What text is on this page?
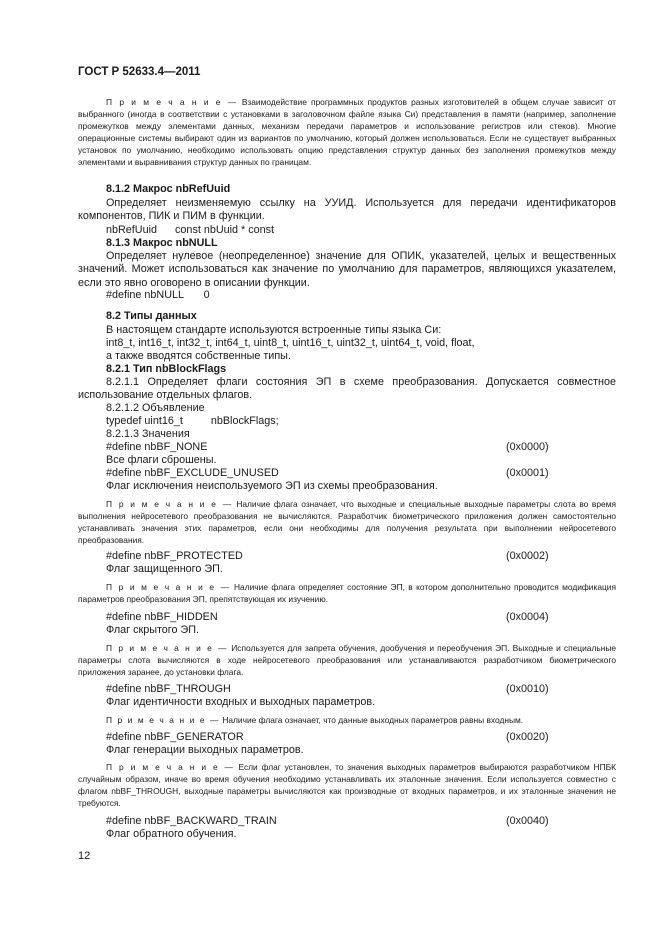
ГОСТ Р 52633.4—2011
П р и м е ч а н и е — Взаимодействие программных продуктов разных изготовителей в общем случае зависит от выбранного (иногда в соответствии с установками в заголовочном файле языка Си) представления в памяти (например, заполнение промежутков между элементами данных, механизм передачи параметров и использование регистров или стеков). Многие операционные системы выбирают один из вариантов по умолчанию, который должен использоваться. Если не существует выбранных установок по умолчанию, необходимо использовать опцию представления структур данных без заполнения промежутков между элементами и выравнивания структур данных по границам.
8.1.2 Макрос nbRefUuid
Определяет неизменяемую ссылку на УУИД. Используется для передачи идентификаторов компонентов, ПИК и ПИМ в функции.
nbRefUuid const nbUuid * const
8.1.3 Макрос nbNULL
Определяет нулевое (неопределенное) значение для ОПИК, указателей, целых и вещественных значений. Может использоваться как значение по умолчанию для параметров, являющихся указателем, если это явно оговорено в описании функции.
#define nbNULL 0
8.2 Типы данных
В настоящем стандарте используются встроенные типы языка Си:
int8_t, int16_t, int32_t, int64_t, uint8_t, uint16_t, uint32_t, uint64_t, void, float,
а также вводятся собственные типы.
8.2.1 Тип nbBlockFlags
8.2.1.1 Определяет флаги состояния ЭП в схеме преобразования. Допускается совместное использование отдельных флагов.
8.2.1.2 Объявление
typedef uint16_t	nbBlockFlags;
8.2.1.3 Значения
#define nbBF_NONE	(0x0000)
Все флаги сброшены.
#define nbBF_EXCLUDE_UNUSED	(0x0001)
Флаг исключения неиспользуемого ЭП из схемы преобразования.
П р и м е ч а н и е — Наличие флага означает, что выходные и специальные выходные параметры слота во время выполнения нейросетевого преобразования не вычисляются. Разработчик биометрического приложения должен самостоятельно устанавливать значения этих параметров, если они необходимы для получения результата при выполнении нейросетевого преобразования.
#define nbBF_PROTECTED	(0x0002)
Флаг защищенного ЭП.
П р и м е ч а н и е — Наличие флага определяет состояние ЭП, в котором дополнительно проводится модификация параметров преобразования ЭП, препятствующая их изучению.
#define nbBF_HIDDEN	(0x0004)
Флаг скрытого ЭП.
П р и м е ч а н и е — Используется для запрета обучения, дообучения и переобучения ЭП. Выходные и специальные параметры слота вычисляются в ходе нейросетевого преобразования или устанавливаются разработчиком биометрического приложения заранее, до установки флага.
#define nbBF_THROUGH	(0x0010)
Флаг идентичности входных и выходных параметров.
П р и м е ч а н и е — Наличие флага означает, что данные выходных параметров равны входным.
#define nbBF_GENERATOR	(0x0020)
Флаг генерации выходных параметров.
П р и м е ч а н и е — Если флаг установлен, то значения выходных параметров выбираются разработчиком НПБК случайным образом, иначе во время обучения необходимо устанавливать их эталонные значения. Если используется совместно с флагом nbBF_THROUGH, выходные параметры вычисляются как производные от входных параметров, и их эталонные значения не требуются.
#define nbBF_BACKWARD_TRAIN	(0x0040)
Флаг обратного обучения.
12
